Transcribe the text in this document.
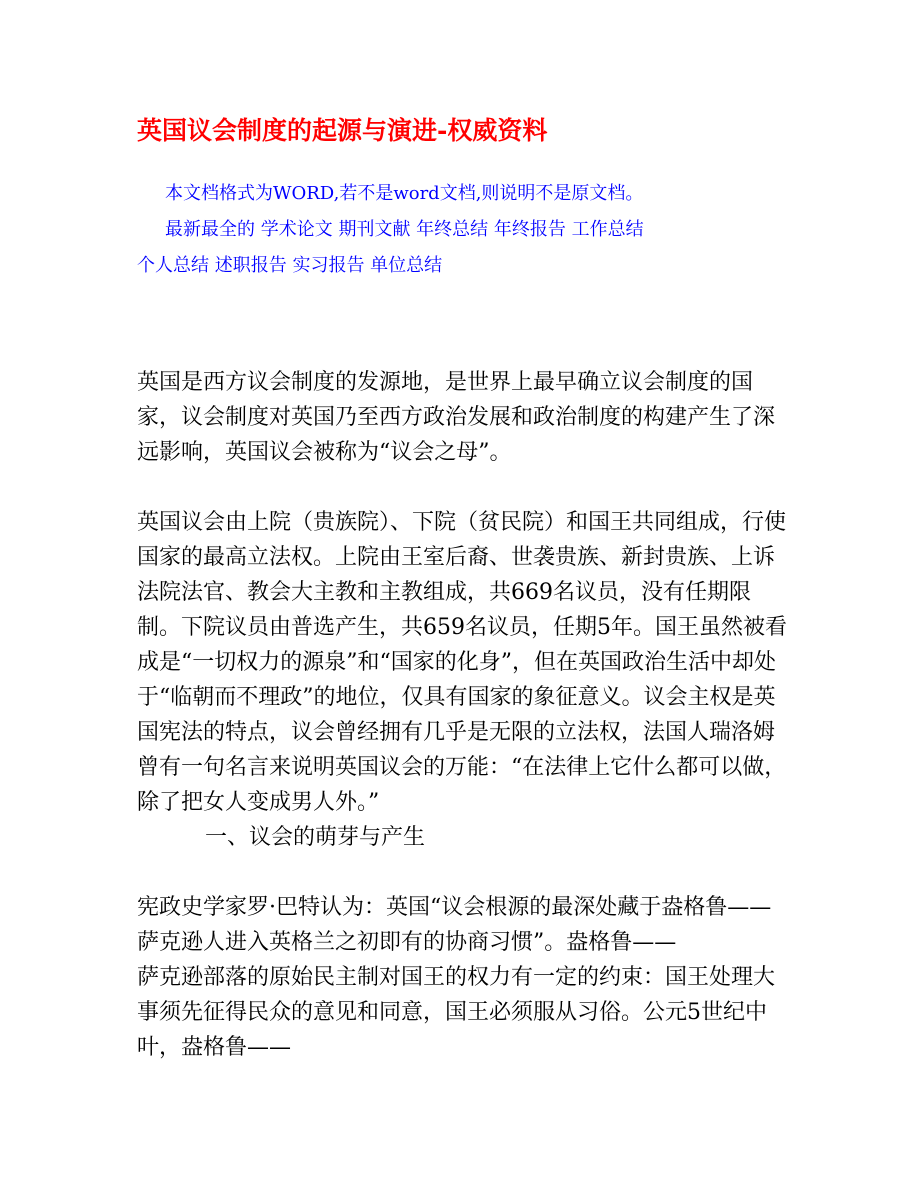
英国议会制度的起源与演进-权威资料
本文档格式为WORD,若不是word文档,则说明不是原文档。
最新最全的 学术论文 期刊文献 年终总结 年终报告 工作总结
个人总结 述职报告 实习报告 单位总结

英国是西方议会制度的发源地，是世界上最早确立议会制度的国家，议会制度对英国乃至西方政治发展和政治制度的构建产生了深远影响，英国议会被称为“议会之母”。

英国议会由上院（贵族院）、下院（贫民院）和国王共同组成，行使国家的最高立法权。上院由王室后裔、世袭贵族、新封贵族、上诉法院法官、教会大主教和主教组成，共669名议员，没有任期限制。下院议员由普选产生，共659名议员，任期5年。国王虽然被看成是“一切权力的源泉”和“国家的化身”，但在英国政治生活中却处于“临朝而不理政”的地位，仅具有国家的象征意义。议会主权是英国宪法的特点，议会曾经拥有几乎是无限的立法权，法国人瑞洛姆曾有一句名言来说明英国议会的万能：“在法律上它什么都可以做，除了把女人变成男人外。”

一、议会的萌芽与产生

宪政史学家罗·巴特认为：英国“议会根源的最深处藏于盎格鲁——萨克逊人进入英格兰之初即有的协商习惯”。盎格鲁——

萨克逊部落的原始民主制对国王的权力有一定的约束：国王处理大事须先征得民众的意见和同意，国王必须服从习俗。公元5世纪中叶，盎格鲁——
